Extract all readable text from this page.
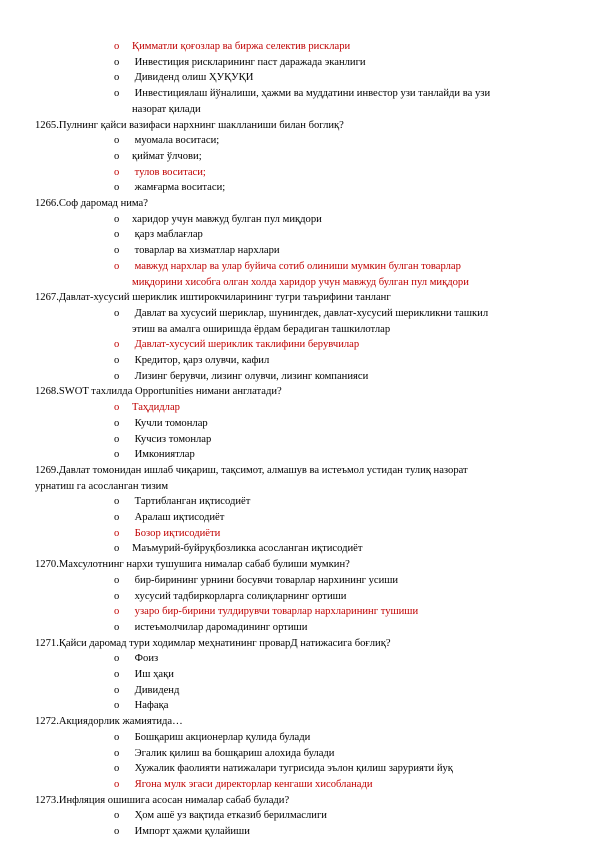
o Қимматли қоғозлар ва биржа селектив рисклари
o Инвестиция рискларининг паст даражада эканлиги
o Дивиденд олиш ҲУҚУҚИ
o Инвестициялаш йўналиши, ҳажми ва муддатини инвестор узи танлайди ва узи
назорат қилади
1265.Пулнинг қайси вазифаси нархнинг шаклланиши билан боглиқ?
o муомала воситаси;
o қиймат ўлчови;
o тулов воситаси;
o жамғарма воситаси;
1266.Соф даромад нима?
o харидор учун мавжуд булган пул миқдори
o қарз маблағлар
o товарлар ва хизматлар нархлари
o мавжуд нархлар ва улар буйича сотиб олиниши мумкин булган товарлар
миқдорини хисобга олган холда харидор учун мавжуд булган пул миқдори
1267.Давлат-хусусий шериклик иштирокчиларининг тугри таърифини танланг
o Давлат ва хусусий шериклар, шунингдек, давлат-хусусий шерикликни ташкил
этиш ва амалга оширишда ёрдам берадиган ташкилотлар
o Давлат-хусусий шериклик таклифини берувчилар
o Кредитор, қарз олувчи, кафил
o Лизинг берувчи, лизинг олувчи, лизинг компанияси
1268.SWOT тахлилда Opportunities нимани англатади?
o Таҳдидлар
o Кучли томонлар
o Кучсиз томонлар
o Имкониятлар
1269.Давлат томонидан ишлаб чиқариш, тақсимот, алмашув ва истеъмол устидан тулиқ назорат
урнатиш га асосланган тизим
o Тартибланган иқтисодиёт
o Аралаш иқтисодиёт
o Бозор иқтисодиёти
o Маъмурий-буйруқбозликка асосланган иқтисодиёт
1270.Махсулотнинг нархи тушушига нималар сабаб булиши мумкин?
o бир-бирининг урнини босувчи товарлар нархининг усиши
o хусусий тадбиркорларга солиқларнинг ортиши
o узаро бир-бирини тулдирувчи товарлар нархларининг тушиши
o истеъмолчилар даромадининг ортиши
1271.Қайси даромад тури ходимлар меҳнатининг проварД натижасига боғлиқ?
o Фоиз
o Иш ҳақи
o Дивиденд
o Нафақа
1272.Акциядорлик жамиятида…
o Бошқариш акционерлар қулида булади
o Эгалик қилиш ва бошқариш алохида булади
o Хужалик фаолияти натижалари тугрисида эълон қилиш зарурияти йуқ
o Ягона мулк эгаси директорлар кенгаши хисобланади
1273.Инфляция ошишига асосан нималар сабаб булади?
o Ҳом ашё уз вақтида етказиб берилмаслиги
o Импорт ҳажми қулайиши
